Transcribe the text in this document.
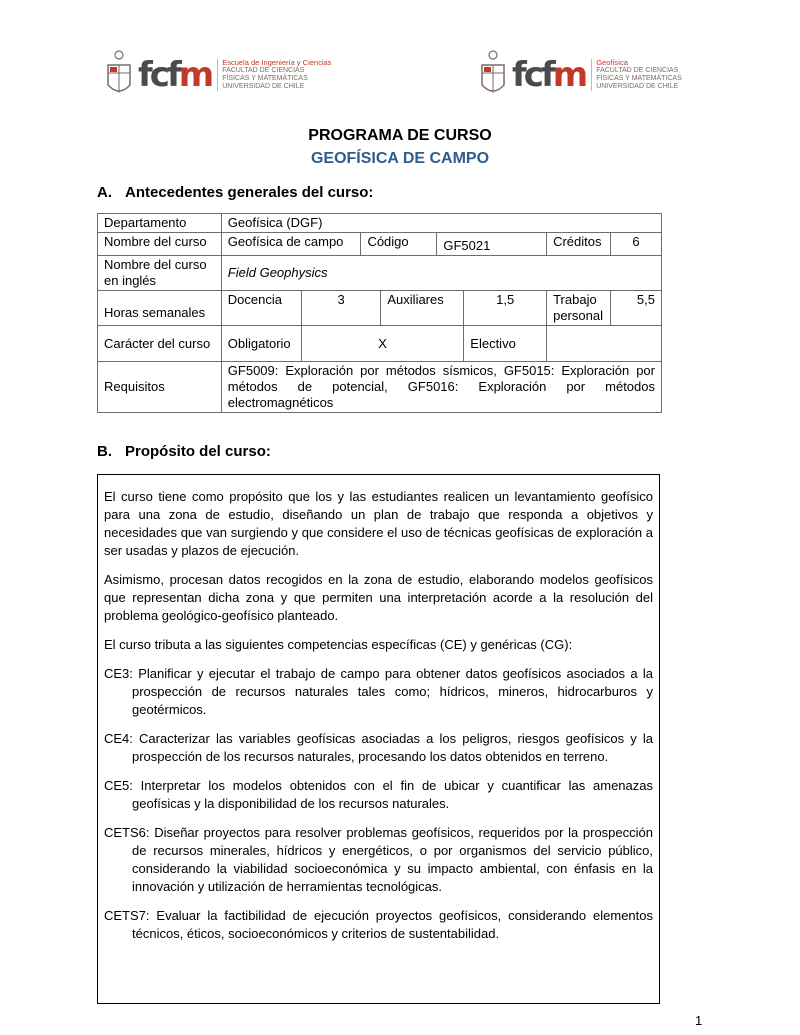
fcfm Escuela de Ingeniería y Ciencias
FACULTAD DE CIENCIAS
FÍSICAS Y MATEMÁTICAS
UNIVERSIDAD DE CHILE	fcfm Geofísica
FACULTAD DE CIENCIAS
FÍSICAS Y MATEMÁTICAS
UNIVERSIDAD DE CHILE
PROGRAMA DE CURSO
GEOFÍSICA DE CAMPO
A. Antecedentes generales del curso:
Departamento	Geofísica (DGF)							
Nombre del curso	Geofísica de campo		Código		GF5021		Créditos	6
Nombre del curso en inglés	Field Geophysics							
Horas semanales	Docencia	3		Auxiliares		1,5	Trabajo personal	5,5
Carácter del curso	Obligatorio	X				Electivo		
Requisitos	GF5009: Exploración por métodos sísmicos, GF5015: Exploración por métodos de potencial, GF5016: Exploración por métodos electromagnéticos							
B. Propósito del curso:

El curso tiene como propósito que los y las estudiantes realicen un levantamiento geofísico para una zona de estudio, diseñando un plan de trabajo que responda a objetivos y necesidades que van surgiendo y que considere el uso de técnicas geofísicas de exploración a ser usadas y plazos de ejecución.

Asimismo, procesan datos recogidos en la zona de estudio, elaborando modelos geofísicos que representan dicha zona y que permiten una interpretación acorde a la resolución del problema geológico-geofísico planteado.

El curso tributa a las siguientes competencias específicas (CE) y genéricas (CG):

CE3: Planificar y ejecutar el trabajo de campo para obtener datos geofísicos asociados a la prospección de recursos naturales tales como; hídricos, mineros, hidrocarburos y geotérmicos.

CE4: Caracterizar las variables geofísicas asociadas a los peligros, riesgos geofísicos y la prospección de los recursos naturales, procesando los datos obtenidos en terreno.

CE5: Interpretar los modelos obtenidos con el fin de ubicar y cuantificar las amenazas geofísicas y la disponibilidad de los recursos naturales.

CETS6: Diseñar proyectos para resolver problemas geofísicos, requeridos por la prospección de recursos minerales, hídricos y energéticos, o por organismos del servicio público, considerando la viabilidad socioeconómica y su impacto ambiental, con énfasis en la innovación y utilización de herramientas tecnológicas.

CETS7: Evaluar la factibilidad de ejecución proyectos geofísicos, considerando elementos técnicos, éticos, socioeconómicos y criterios de sustentabilidad.

1
